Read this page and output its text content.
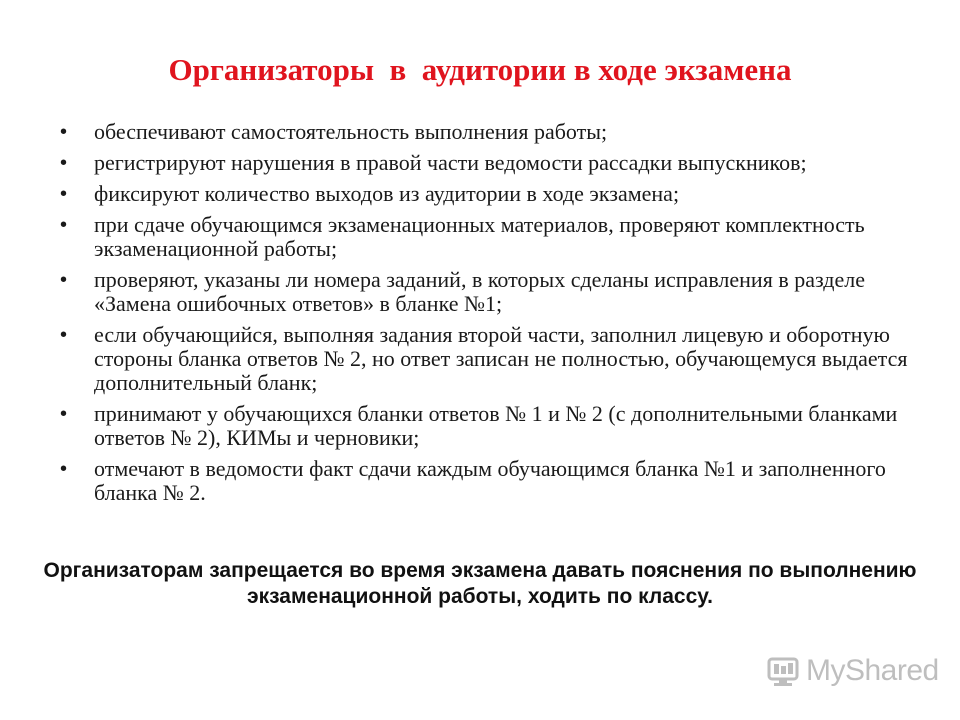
Организаторы  в  аудитории в ходе экзамена
• обеспечивают самостоятельность выполнения работы;
• регистрируют нарушения в правой части ведомости рассадки выпускников;
• фиксируют количество выходов из аудитории в ходе экзамена;
• при сдаче обучающимся экзаменационных материалов, проверяют комплектность экзаменационной работы;
• проверяют, указаны ли номера заданий, в которых сделаны исправления в разделе «Замена ошибочных ответов» в бланке №1;
• если обучающийся, выполняя задания второй части, заполнил лицевую и оборотную стороны бланка ответов № 2, но ответ записан не полностью, обучающемуся выдается дополнительный бланк;
• принимают у обучающихся бланки ответов № 1 и № 2 (с дополнительными бланками ответов № 2), КИМы и черновики;
• отмечают в ведомости факт сдачи каждым обучающимся бланка №1 и заполненного бланка № 2.
Организаторам запрещается во время экзамена давать пояснения по выполнению экзаменационной работы, ходить по классу.
MyShared
